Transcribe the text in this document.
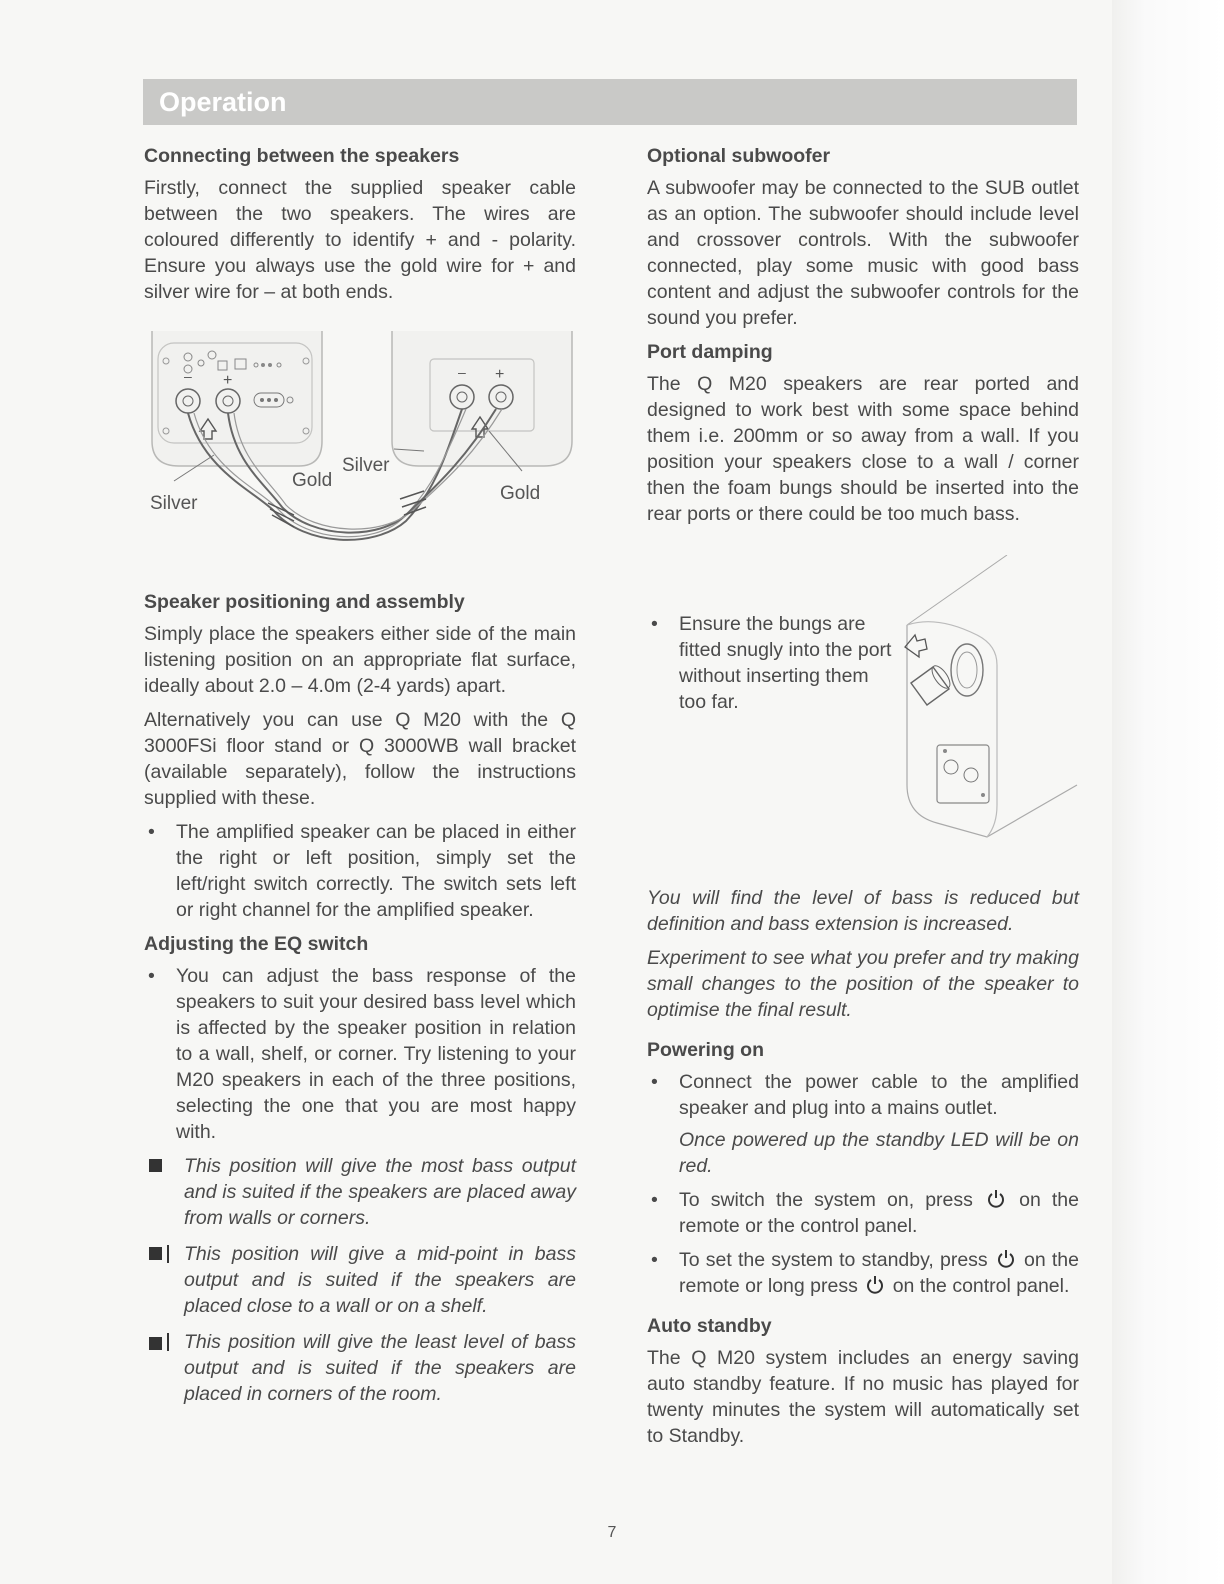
Operation
Connecting between the speakers

Firstly, connect the supplied speaker cable between the two speakers. The wires are coloured differently to identify + and - polarity. Ensure you always use the gold wire for + and silver wire for – at both ends.

– +	– +
Silver
Gold
Silver
Gold
Speaker positioning and assembly

Simply place the speakers either side of the main listening position on an appropriate flat surface, ideally about 2.0 – 4.0m (2-4 yards) apart.

Alternatively you can use Q M20 with the Q 3000FSi floor stand or Q 3000WB wall bracket (available separately), follow the instructions supplied with these.

•	The amplified speaker can be placed in either the right or left position, simply set the left/right switch correctly. The switch sets left or right channel for the amplified speaker.
Adjusting the EQ switch
•	You can adjust the bass response of the speakers to suit your desired bass level which is affected by the speaker position in relation to a wall, shelf, or corner. Try listening to your M20 speakers in each of the three positions, selecting the one that you are most happy with.
This position will give the most bass output and is suited if the speakers are placed away from walls or corners.
This position will give a mid-point in bass output and is suited if the speakers are placed close to a wall or on a shelf.
This position will give the least level of bass output and is suited if the speakers are placed in corners of the room.
Optional subwoofer

A subwoofer may be connected to the SUB outlet as an option. The subwoofer should include level and crossover controls. With the subwoofer connected, play some music with good bass content and adjust the subwoofer controls for the sound you prefer.

Port damping

The Q M20 speakers are rear ported and designed to work best with some space behind them i.e. 200mm or so away from a wall. If you position your speakers close to a wall / corner then the foam bungs should be inserted into the rear ports or there could be too much bass.

•	Ensure the bungs are fitted snugly into the port without inserting them too far.

You will find the level of bass is reduced but definition and bass extension is increased.

Experiment to see what you prefer and try making small changes to the position of the speaker to optimise the final result.

Powering on
•	Connect the power cable to the amplified speaker and plug into a mains outlet.
Once powered up the standby LED will be on red.
•	To switch the system on, press on the remote or the control panel.
•	To set the system to standby, press on the remote or long press on the control panel.
Auto standby

The Q M20 system includes an energy saving auto standby feature. If no music has played for twenty minutes the system will automatically set to Standby.

7
